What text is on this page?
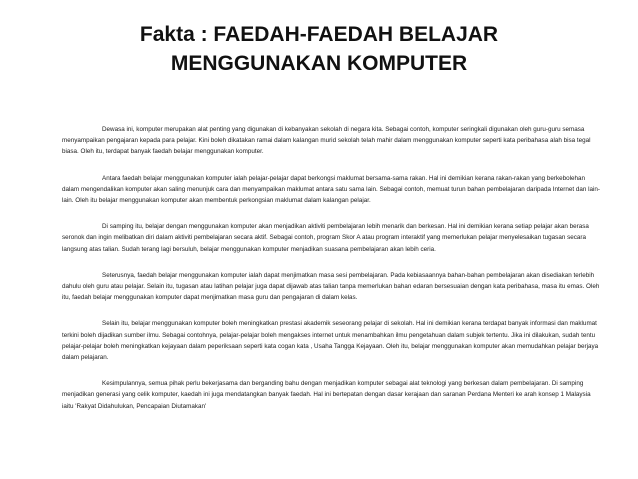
Fakta : FAEDAH-FAEDAH BELAJAR
MENGGUNAKAN KOMPUTER

Dewasa ini, komputer merupakan alat penting yang digunakan di kebanyakan sekolah di negara kita. Sebagai contoh, komputer seringkali digunakan oleh guru-guru semasa menyampaikan pengajaran kepada para pelajar. Kini boleh dikatakan ramai dalam kalangan murid sekolah telah mahir dalam menggunakan komputer seperti kata peribahasa alah bisa tegal biasa. Oleh itu, terdapat banyak faedah belajar menggunakan komputer.

Antara faedah belajar menggunakan komputer ialah pelajar-pelajar dapat berkongsi maklumat bersama-sama rakan. Hal ini demikian kerana rakan-rakan yang berkebolehan dalam mengendalikan komputer akan saling menunjuk cara dan menyampaikan maklumat antara satu sama lain. Sebagai contoh, memuat turun bahan pembelajaran daripada Internet dan lain-lain. Oleh itu belajar menggunakan komputer akan membentuk perkongsian maklumat dalam kalangan pelajar.

Di samping itu, belajar dengan menggunakan komputer akan menjadikan aktiviti pembelajaran lebih menarik dan berkesan. Hal ini demikian kerana setiap pelajar akan berasa seronok dan ingin melibatkan diri dalam aktiviti pembelajaran secara aktif. Sebagai contoh, program Skor A atau program interaktif yang memerlukan pelajar menyelesaikan tugasan secara langsung atas talian. Sudah terang lagi bersuluh, belajar menggunakan komputer menjadikan suasana pembelajaran akan lebih ceria.

Seterusnya, faedah belajar menggunakan komputer ialah dapat menjimatkan masa sesi pembelajaran. Pada kebiasaannya bahan-bahan pembelajaran akan disediakan terlebih dahulu oleh guru atau pelajar. Selain itu, tugasan atau latihan pelajar juga dapat dijawab atas talian tanpa memerlukan bahan edaran bersesuaian dengan kata peribahasa, masa itu emas. Oleh itu, faedah belajar menggunakan komputer dapat menjimatkan masa guru dan pengajaran di dalam kelas.

Selain itu, belajar menggunakan komputer boleh meningkatkan prestasi akademik seseorang pelajar di sekolah. Hal ini demikian kerana terdapat banyak informasi dan maklumat terkini boleh dijadikan sumber ilmu. Sebagai contohnya, pelajar-pelajar boleh mengakses internet untuk menambahkan ilmu pengetahuan dalam subjek tertentu. Jika ini dilakukan, sudah tentu pelajar-pelajar boleh meningkatkan kejayaan dalam peperiksaan seperti kata cogan kata , Usaha Tangga Kejayaan. Oleh itu, belajar menggunakan komputer akan memudahkan pelajar berjaya dalam pelajaran.

Kesimpulannya, semua pihak perlu bekerjasama dan berganding bahu dengan menjadikan komputer sebagai alat teknologi yang berkesan dalam pembelajaran. Di samping menjadikan generasi yang celik komputer, kaedah ini juga mendatangkan banyak faedah. Hal ini bertepatan dengan dasar kerajaan dan saranan Perdana Menteri ke arah konsep 1 Malaysia iaitu 'Rakyat Didahulukan, Pencapaian Diutamakan'
